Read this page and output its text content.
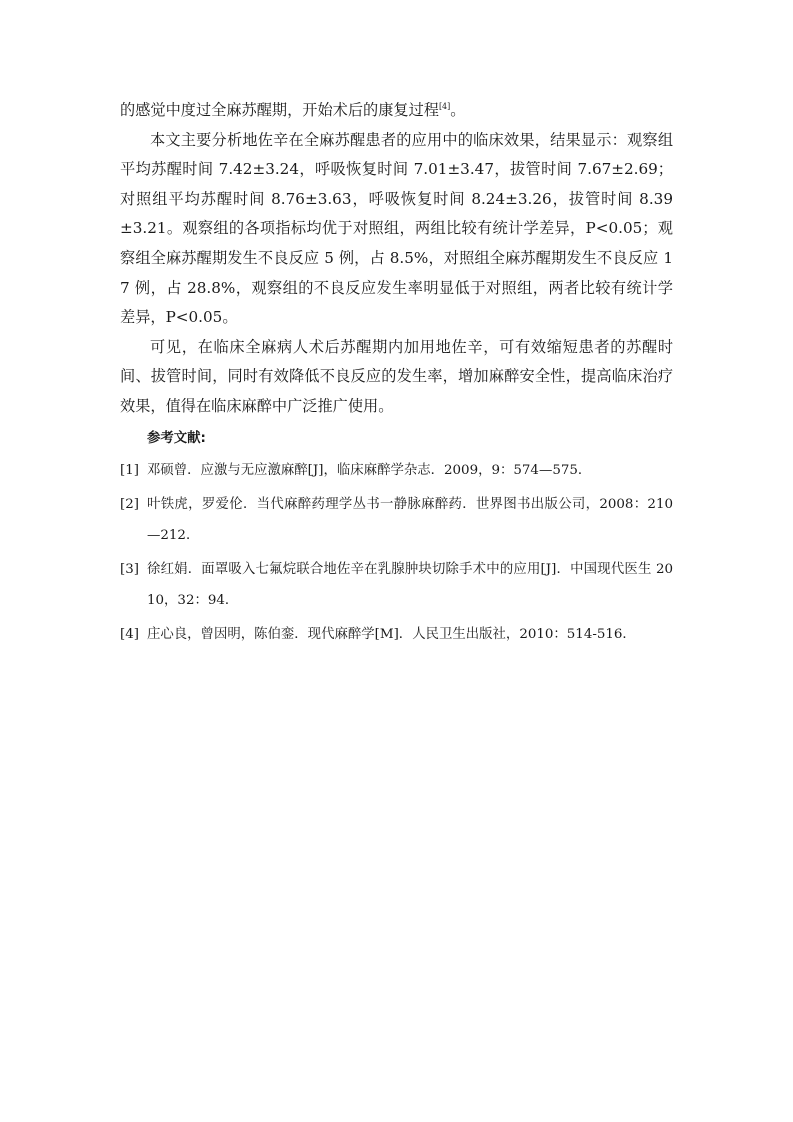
的感觉中度过全麻苏醒期，开始术后的康复过程[4]。

本文主要分析地佐辛在全麻苏醒患者的应用中的临床效果，结果显示：观察组平均苏醒时间 7.42±3.24，呼吸恢复时间 7.01±3.47，拔管时间 7.67±2.69；对照组平均苏醒时间 8.76±3.63，呼吸恢复时间 8.24±3.26，拔管时间 8.39±3.21。观察组的各项指标均优于对照组，两组比较有统计学差异，P<0.05；观察组全麻苏醒期发生不良反应 5 例，占 8.5%，对照组全麻苏醒期发生不良反应 17 例，占 28.8%，观察组的不良反应发生率明显低于对照组，两者比较有统计学差异，P<0.05。

可见，在临床全麻病人术后苏醒期内加用地佐辛，可有效缩短患者的苏醒时间、拔管时间，同时有效降低不良反应的发生率，增加麻醉安全性，提高临床治疗效果，值得在临床麻醉中广泛推广使用。

参考文献:
[1] 邓硕曾．应激与无应激麻醉[J]，临床麻醉学杂志．2009，9：574—575．
[2] 叶铁虎，罗爱伦．当代麻醉药理学丛书一静脉麻醉药．世界图书出版公司，2008：210—212．
[3] 徐红娟．面罩吸入七氟烷联合地佐辛在乳腺肿块切除手术中的应用[J]．中国现代医生 2010，32：94．
[4] 庄心良，曾因明，陈伯銮．现代麻醉学[M]．人民卫生出版社，2010：514-516．
